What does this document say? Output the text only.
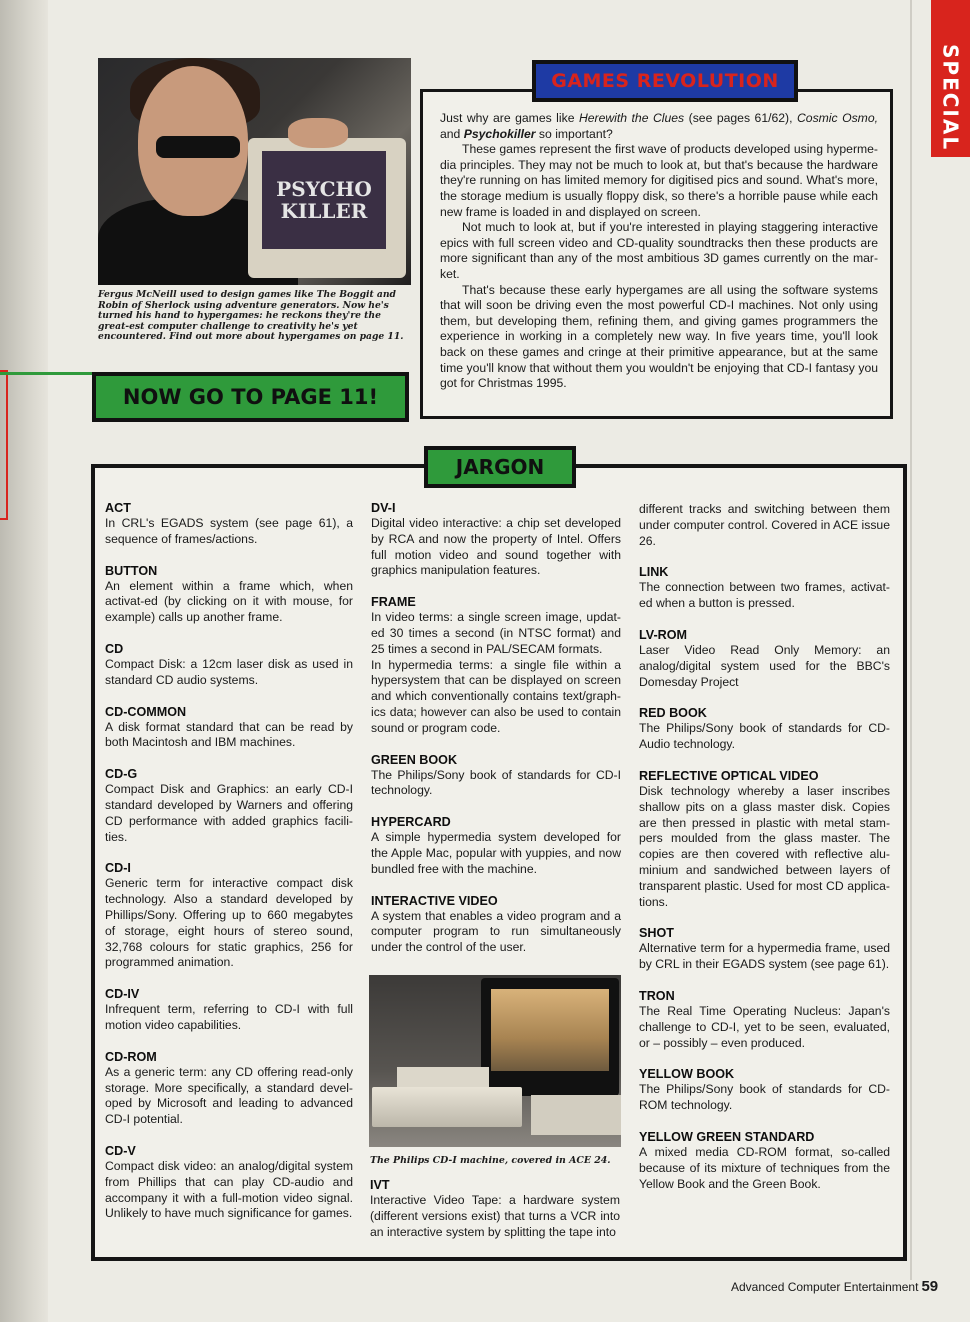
SPECIAL
PSYCHO
KILLER
Fergus McNeill used to design games like The Boggit and Robin of Sherlock using adventure generators. Now he's turned his hand to hypergames: he reckons they're the great-est computer challenge to creativity he's yet encountered. Find out more about hypergames on page 11.
NOW GO TO PAGE 11!
GAMES REVOLUTION

Just why are games like Herewith the Clues (see pages 61/62), Cosmic Osmo, and Psychokiller so important?

These games represent the first wave of products developed using hyperme-dia principles. They may not be much to look at, but that's because the hardware they're running on has limited memory for digitised pics and sound. What's more, the storage medium is usually floppy disk, so there's a horrible pause while each new frame is loaded in and displayed on screen.

Not much to look at, but if you're interested in playing staggering interactive epics with full screen video and CD-quality soundtracks then these products are more significant than any of the most ambitious 3D games currently on the mar-ket.

That's because these early hypergames are all using the software systems that will soon be driving even the most powerful CD-I machines. Not only using them, but developing them, refining them, and giving games programmers the experience in working in a completely new way. In five years time, you'll look back on these games and cringe at their primitive appearance, but at the same time you'll know that without them you wouldn't be enjoying that CD-I fantasy you got for Christmas 1995.

JARGON
ACT
In CRL's EGADS system (see page 61), a sequence of frames/actions.
BUTTON
An element within a frame which, when activat-ed (by clicking on it with mouse, for example) calls up another frame.
CD
Compact Disk: a 12cm laser disk as used in standard CD audio systems.
CD-COMMON
A disk format standard that can be read by both Macintosh and IBM machines.
CD-G
Compact Disk and Graphics: an early CD-I standard developed by Warners and offering CD performance with added graphics facili-ties.
CD-I
Generic term for interactive compact disk technology. Also a standard developed by Phillips/Sony. Offering up to 660 megabytes of storage, eight hours of stereo sound, 32,768 colours for static graphics, 256 for programmed animation.
CD-IV
Infrequent term, referring to CD-I with full motion video capabilities.
CD-ROM
As a generic term: any CD offering read-only storage. More specifically, a standard devel-oped by Microsoft and leading to advanced CD-I potential.
CD-V
Compact disk video: an analog/digital system from Phillips that can play CD-audio and accompany it with a full-motion video signal. Unlikely to have much significance for games.
DV-I
Digital video interactive: a chip set developed by RCA and now the property of Intel. Offers full motion video and sound together with graphics manipulation features.
FRAME
In video terms: a single screen image, updat-ed 30 times a second (in NTSC format) and 25 times a second in PAL/SECAM formats.
In hypermedia terms: a single file within a hypersystem that can be displayed on screen and which conventionally contains text/graph-ics data; however can also be used to contain sound or program code.
GREEN BOOK
The Philips/Sony book of standards for CD-I technology.
HYPERCARD
A simple hypermedia system developed for the Apple Mac, popular with yuppies, and now bundled free with the machine.
INTERACTIVE VIDEO
A system that enables a video program and a computer program to run simultaneously under the control of the user.
The Philips CD-I machine, covered in ACE 24.
IVT
Interactive Video Tape: a hardware system (different versions exist) that turns a VCR into an interactive system by splitting the tape into
different tracks and switching between them under computer control. Covered in ACE issue 26.
LINK
The connection between two frames, activat-ed when a button is pressed.
LV-ROM
Laser Video Read Only Memory: an analog/digital system used for the BBC's Domesday Project
RED BOOK
The Philips/Sony book of standards for CD-Audio technology.
REFLECTIVE OPTICAL VIDEO
Disk technology whereby a laser inscribes shallow pits on a glass master disk. Copies are then pressed in plastic with metal stam-pers moulded from the glass master. The copies are then covered with reflective alu-minium and sandwiched between layers of transparent plastic. Used for most CD applica-tions.
SHOT
Alternative term for a hypermedia frame, used by CRL in their EGADS system (see page 61).
TRON
The Real Time Operating Nucleus: Japan's challenge to CD-I, yet to be seen, evaluated, or – possibly – even produced.
YELLOW BOOK
The Philips/Sony book of standards for CD-ROM technology.
YELLOW GREEN STANDARD
A mixed media CD-ROM format, so-called because of its mixture of techniques from the Yellow Book and the Green Book.
Advanced Computer Entertainment 59
